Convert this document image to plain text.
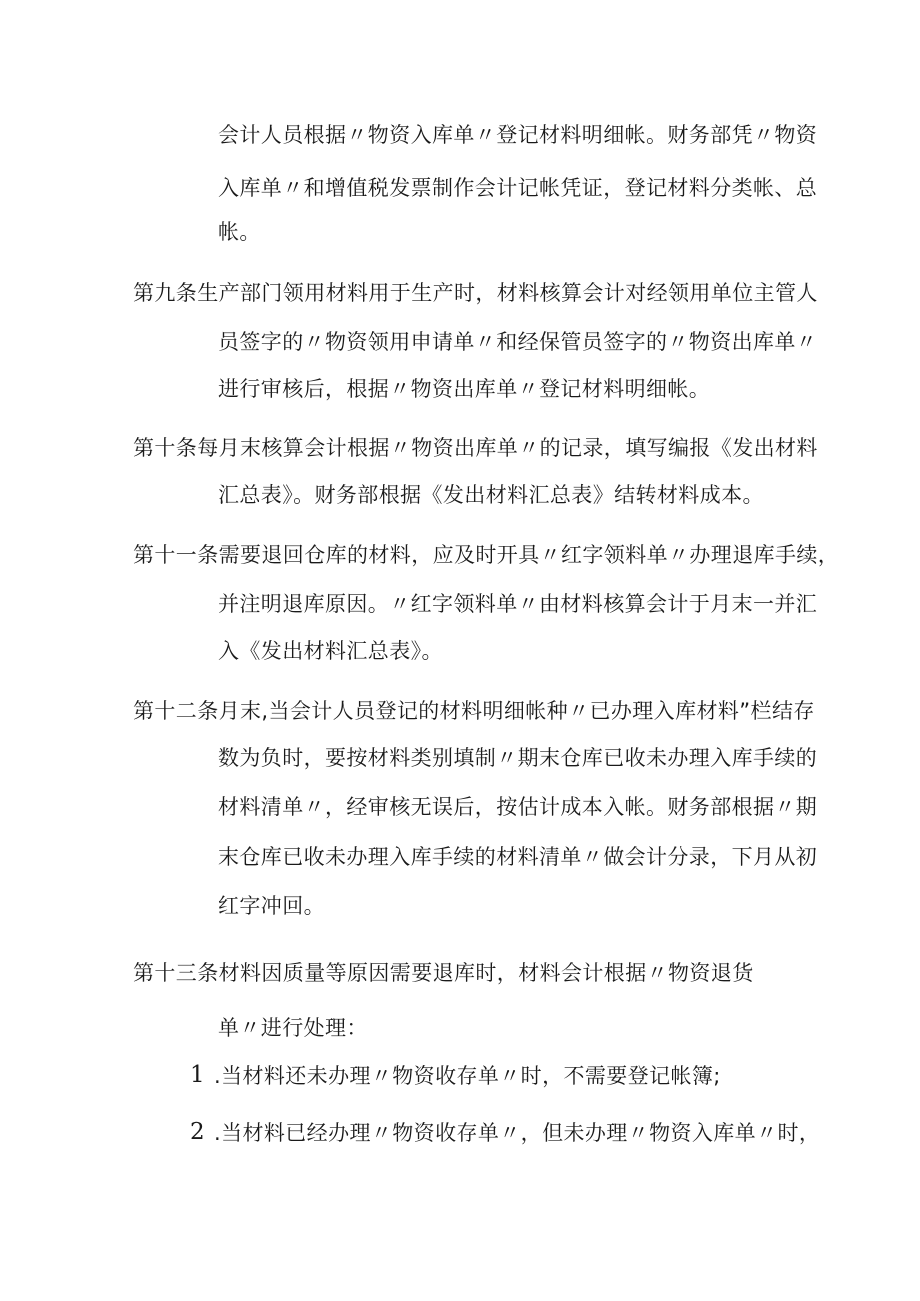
会计人员根据〃物资入库单〃登记材料明细帐。财务部凭〃物资
入库单〃和增值税发票制作会计记帐凭证，登记材料分类帐、总
帐。
第九条生产部门领用材料用于生产时，材料核算会计对经领用单位主管人
员签字的〃物资领用申请单〃和经保管员签字的〃物资出库单〃
进行审核后，根据〃物资出库单〃登记材料明细帐。
第十条每月末核算会计根据〃物资出库单〃的记录，填写编报《发出材料
汇总表》。财务部根据《发出材料汇总表》结转材料成本。
第十一条需要退回仓库的材料，应及时开具〃红字领料单〃办理退库手续，
并注明退库原因。〃红字领料单〃由材料核算会计于月末一并汇
入《发出材料汇总表》。
第十二条月末,当会计人员登记的材料明细帐种〃已办理入库材料”栏结存
数为负时，要按材料类别填制〃期末仓库已收未办理入库手续的
材料清单〃，经审核无误后，按估计成本入帐。财务部根据〃期
末仓库已收未办理入库手续的材料清单〃做会计分录，下月从初
红字冲回。
第十三条材料因质量等原因需要退库时，材料会计根据〃物资退货
单〃进行处理：
1 .当材料还未办理〃物资收存单〃时，不需要登记帐簿;
2 .当材料已经办理〃物资收存单〃，但未办理〃物资入库单〃时，
